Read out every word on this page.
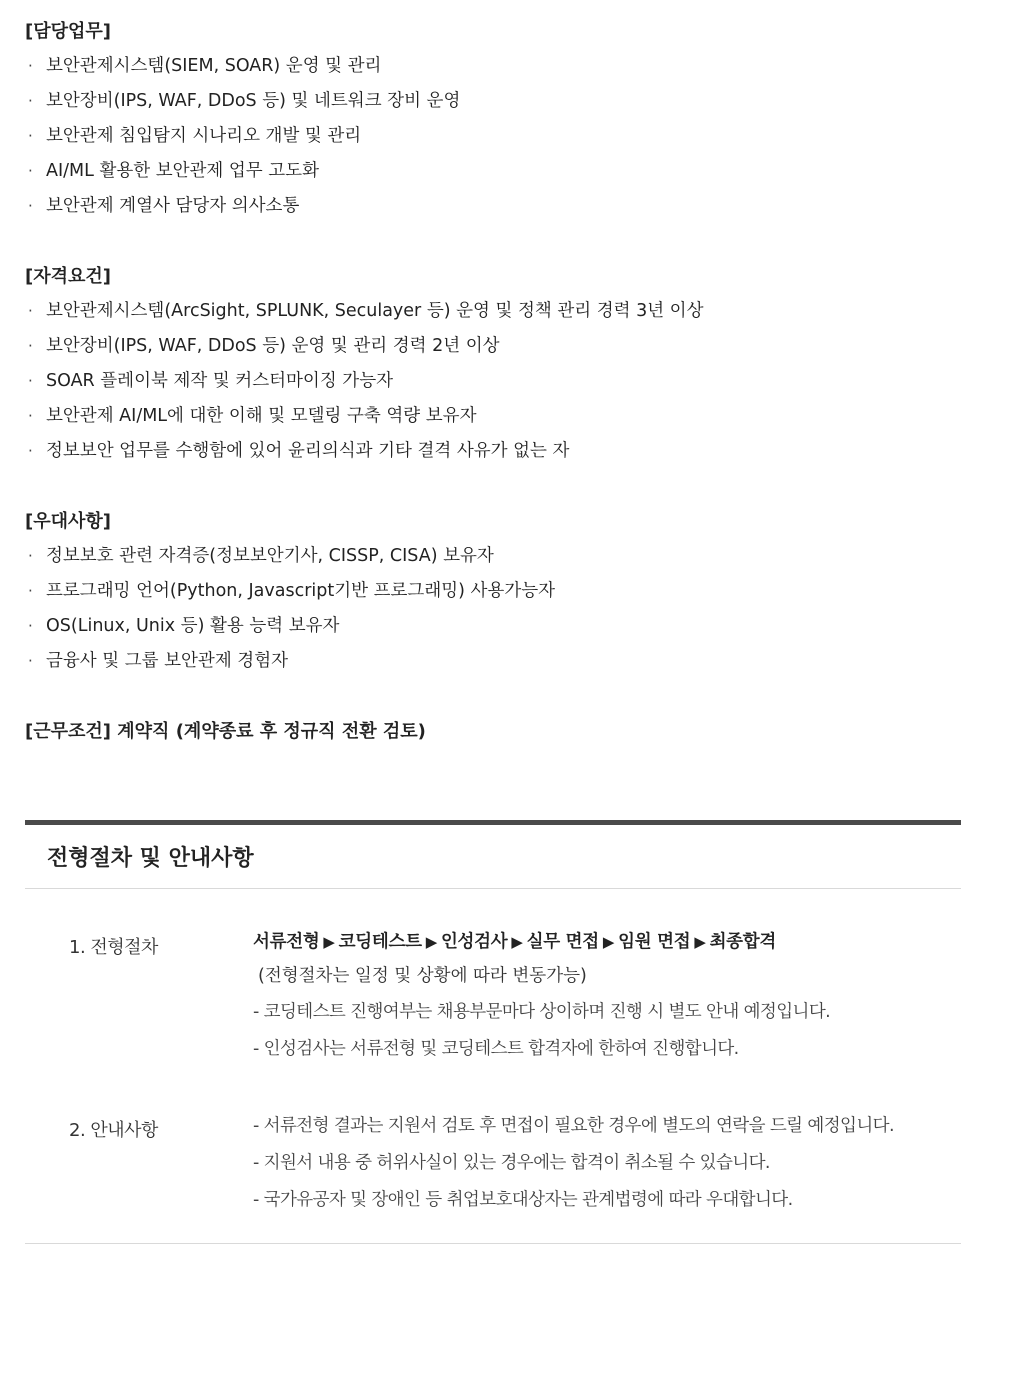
[담당업무]
· 보안관제시스템(SIEM, SOAR) 운영 및 관리
· 보안장비(IPS, WAF, DDoS 등) 및 네트워크 장비 운영
· 보안관제 침입탐지 시나리오 개발 및 관리
· AI/ML 활용한 보안관제 업무 고도화
· 보안관제 계열사 담당자 의사소통
[자격요건]
· 보안관제시스템(ArcSight, SPLUNK, Seculayer 등) 운영 및 정책 관리 경력 3년 이상
· 보안장비(IPS, WAF, DDoS 등) 운영 및 관리 경력 2년 이상
· SOAR 플레이북 제작 및 커스터마이징 가능자
· 보안관제 AI/ML에 대한 이해 및 모델링 구축 역량 보유자
· 정보보안 업무를 수행함에 있어 윤리의식과 기타 결격 사유가 없는 자
[우대사항]
· 정보보호 관련 자격증(정보보안기사, CISSP, CISA) 보유자
· 프로그래밍 언어(Python, Javascript기반 프로그래밍) 사용가능자
· OS(Linux, Unix 등) 활용 능력 보유자
· 금융사 및 그룹 보안관제 경험자
[근무조건] 계약직 (계약종료 후 정규직 전환 검토)
전형절차 및 안내사항
1. 전형절차	서류전형 ▶ 코딩테스트 ▶ 인성검사 ▶ 실무 면접 ▶ 임원 면접 ▶ 최종합격
(전형절차는 일정 및 상황에 따라 변동가능)
- 코딩테스트 진행여부는 채용부문마다 상이하며 진행 시 별도 안내 예정입니다.
- 인성검사는 서류전형 및 코딩테스트 합격자에 한하여 진행합니다.
2. 안내사항	- 서류전형 결과는 지원서 검토 후 면접이 필요한 경우에 별도의 연락을 드릴 예정입니다.
- 지원서 내용 중 허위사실이 있는 경우에는 합격이 취소될 수 있습니다.
- 국가유공자 및 장애인 등 취업보호대상자는 관계법령에 따라 우대합니다.
